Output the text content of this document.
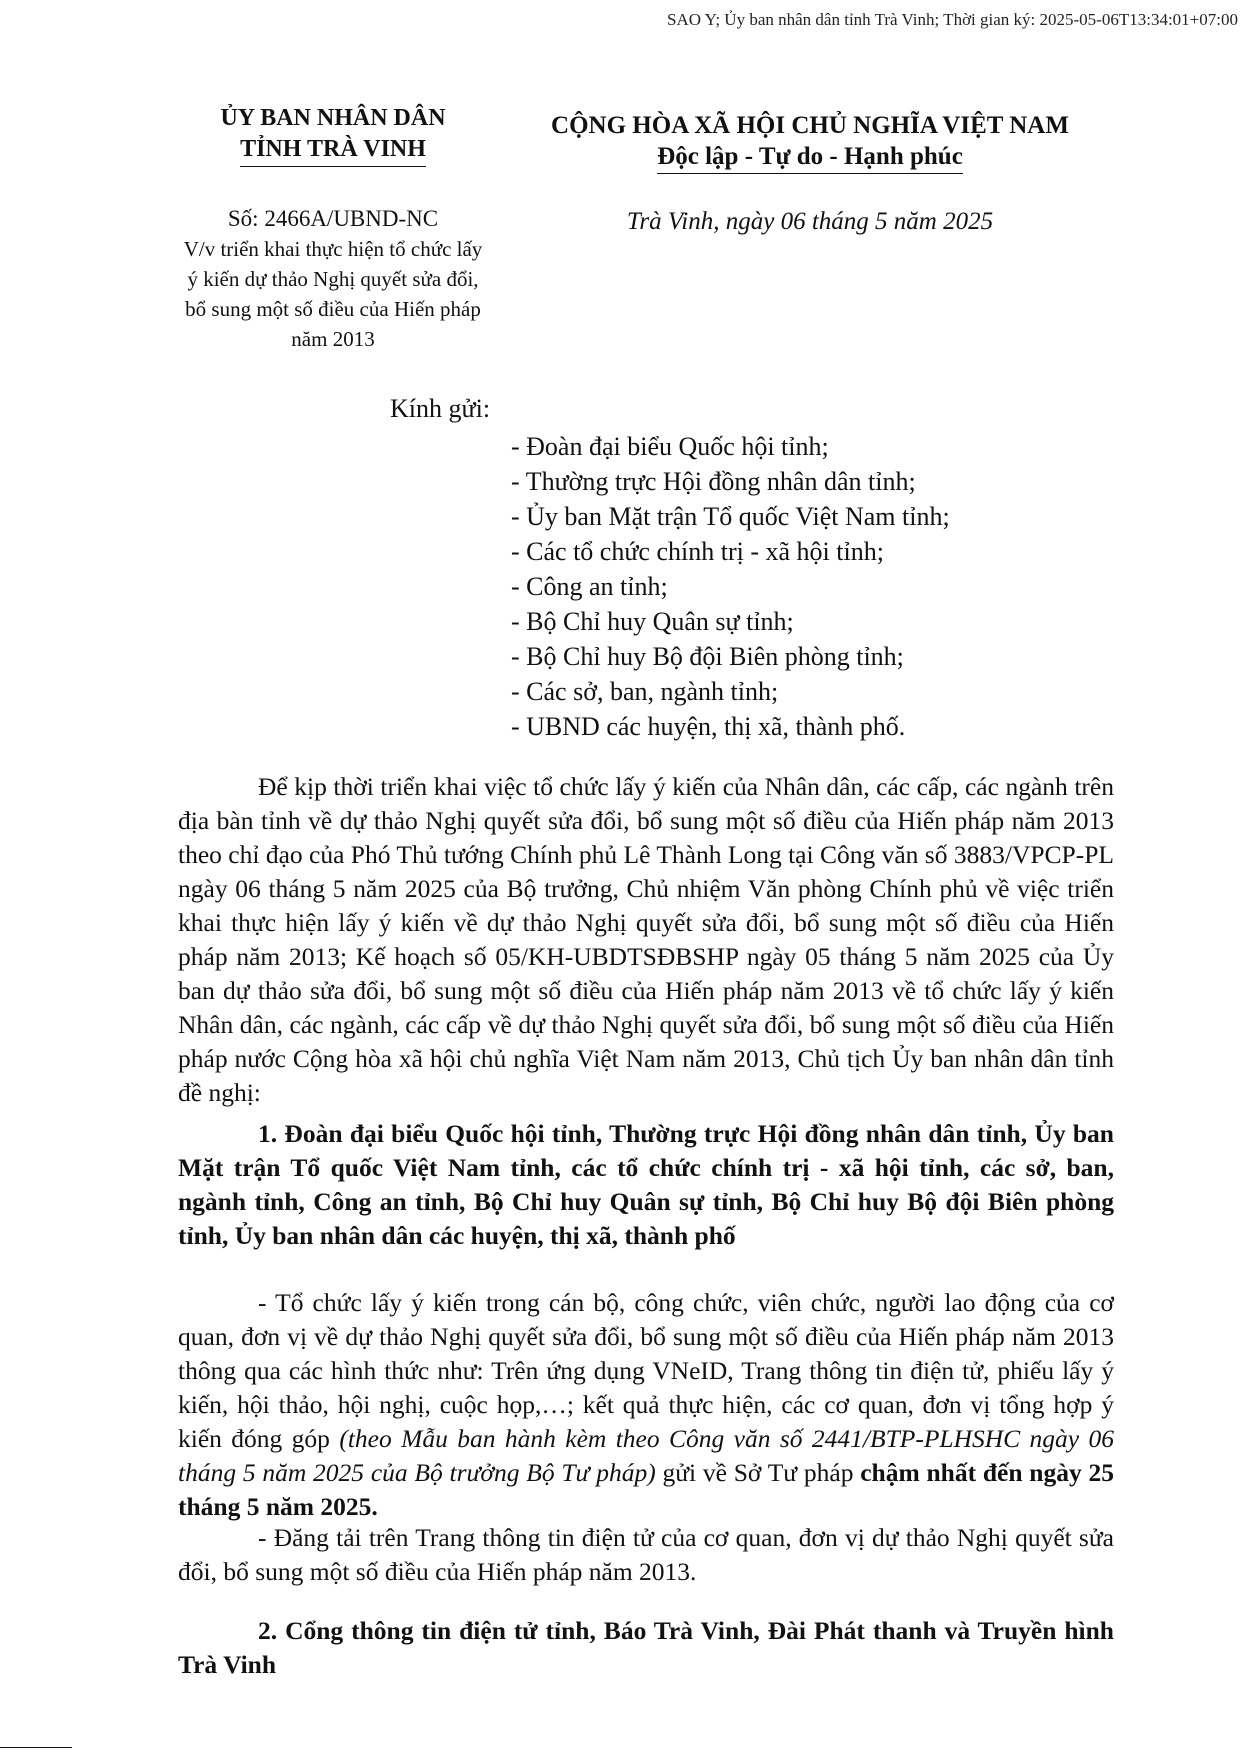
SAO Y; Ủy ban nhân dân tỉnh Trà Vinh; Thời gian ký: 2025-05-06T13:34:01+07:00
ỦY BAN NHÂN DÂN
TỈNH TRÀ VINH
CỘNG HÒA XÃ HỘI CHỦ NGHĨA VIỆT NAM
Độc lập - Tự do - Hạnh phúc
Số: 2466A/UBND-NC
V/v triển khai thực hiện tổ chức lấy ý kiến dự thảo Nghị quyết sửa đổi, bổ sung một số điều của Hiến pháp năm 2013
Trà Vinh, ngày 06 tháng 5 năm 2025
Kính gửi:
- Đoàn đại biểu Quốc hội tỉnh;
- Thường trực Hội đồng nhân dân tỉnh;
- Ủy ban Mặt trận Tổ quốc Việt Nam tỉnh;
- Các tổ chức chính trị - xã hội tỉnh;
- Công an tỉnh;
- Bộ Chỉ huy Quân sự tỉnh;
- Bộ Chỉ huy Bộ đội Biên phòng tỉnh;
- Các sở, ban, ngành tỉnh;
- UBND các huyện, thị xã, thành phố.
Để kịp thời triển khai việc tổ chức lấy ý kiến của Nhân dân, các cấp, các ngành trên địa bàn tỉnh về dự thảo Nghị quyết sửa đổi, bổ sung một số điều của Hiến pháp năm 2013 theo chỉ đạo của Phó Thủ tướng Chính phủ Lê Thành Long tại Công văn số 3883/VPCP-PL ngày 06 tháng 5 năm 2025 của Bộ trưởng, Chủ nhiệm Văn phòng Chính phủ về việc triển khai thực hiện lấy ý kiến về dự thảo Nghị quyết sửa đổi, bổ sung một số điều của Hiến pháp năm 2013; Kế hoạch số 05/KH-UBDTSĐBSHP ngày 05 tháng 5 năm 2025 của Ủy ban dự thảo sửa đổi, bổ sung một số điều của Hiến pháp năm 2013 về tổ chức lấy ý kiến Nhân dân, các ngành, các cấp về dự thảo Nghị quyết sửa đổi, bổ sung một số điều của Hiến pháp nước Cộng hòa xã hội chủ nghĩa Việt Nam năm 2013, Chủ tịch Ủy ban nhân dân tỉnh đề nghị:
1. Đoàn đại biểu Quốc hội tỉnh, Thường trực Hội đồng nhân dân tỉnh, Ủy ban Mặt trận Tổ quốc Việt Nam tỉnh, các tổ chức chính trị - xã hội tỉnh, các sở, ban, ngành tỉnh, Công an tỉnh, Bộ Chỉ huy Quân sự tỉnh, Bộ Chỉ huy Bộ đội Biên phòng tỉnh, Ủy ban nhân dân các huyện, thị xã, thành phố
- Tổ chức lấy ý kiến trong cán bộ, công chức, viên chức, người lao động của cơ quan, đơn vị về dự thảo Nghị quyết sửa đổi, bổ sung một số điều của Hiến pháp năm 2013 thông qua các hình thức như: Trên ứng dụng VNeID, Trang thông tin điện tử, phiếu lấy ý kiến, hội thảo, hội nghị, cuộc họp,…; kết quả thực hiện, các cơ quan, đơn vị tổng hợp ý kiến đóng góp (theo Mẫu ban hành kèm theo Công văn số 2441/BTP-PLHSHC ngày 06 tháng 5 năm 2025 của Bộ trưởng Bộ Tư pháp) gửi về Sở Tư pháp chậm nhất đến ngày 25 tháng 5 năm 2025.
- Đăng tải trên Trang thông tin điện tử của cơ quan, đơn vị dự thảo Nghị quyết sửa đổi, bổ sung một số điều của Hiến pháp năm 2013.
2. Cổng thông tin điện tử tỉnh, Báo Trà Vinh, Đài Phát thanh và Truyền hình Trà Vinh
